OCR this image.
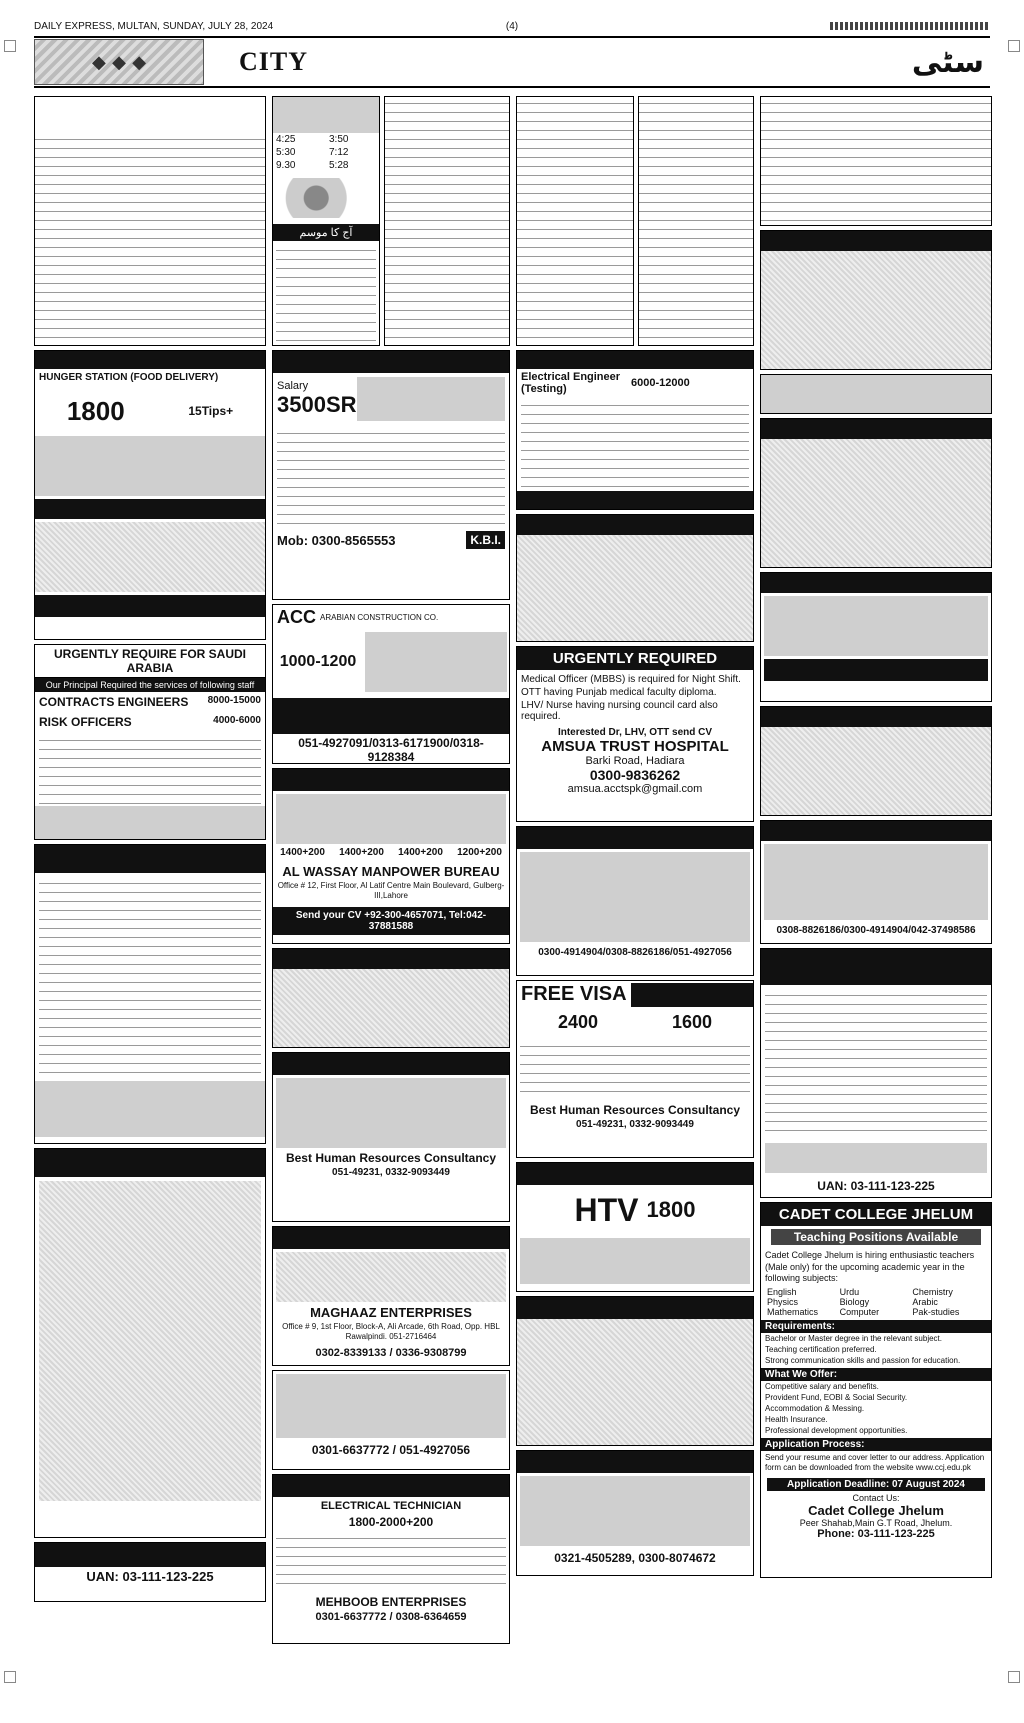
DAILY EXPRESS, MULTAN, SUNDAY, JULY 28, 2024	(4)
◆ ◆ ◆	CITY	سٹی
HUNGER STATION (FOOD DELIVERY)
1800	15Tips+
URGENTLY REQUIRE FOR SAUDI ARABIA
Our Principal Required the services of following staff
CONTRACTS ENGINEERS 8000-15000
RISK OFFICERS	4000-6000
UAN: 03-111-123-225
4:25	3:50
5:30	7:12
9.30	5:28
آج کا موسم
Salary
3500SR
Mob: 0300-8565553	K.B.I.
ACC ARABIAN CONSTRUCTION CO.
1000-1200
051-4927091/0313-6171900/0318-9128384
1400+200 1400+200 1400+200 1200+200
AL WASSAY MANPOWER BUREAU
Office # 12, First Floor, Al Latif Centre Main Boulevard, Gulberg-III,Lahore
Send your CV +92-300-4657071, Tel:042-37881588
Best Human Resources Consultancy
051-49231, 0332-9093449
MAGHAAZ ENTERPRISES
Office # 9, 1st Floor, Block-A, Ali Arcade, 6th Road, Opp. HBL Rawalpindi. 051-2716464
0302-8339133 / 0336-9308799
0301-6637772 / 051-4927056
ELECTRICAL TECHNICIAN
1800-2000+200
MEHBOOB ENTERPRISES
0301-6637772 / 0308-6364659
Electrical Engineer (Testing)	6000-12000
URGENTLY REQUIRED
Medical Officer (MBBS) is required for Night Shift.
OTT having Punjab medical faculty diploma.
LHV/ Nurse having nursing council card also required.
Interested Dr, LHV, OTT send CV
AMSUA TRUST HOSPITAL
Barki Road, Hadiara
0300-9836262
amsua.acctspk@gmail.com
0300-4914904/0308-8826186/051-4927056
FREE VISA
2400	1600
Best Human Resources Consultancy
051-49231, 0332-9093449
HTV 1800
0321-4505289, 0300-8074672
0308-8826186/0300-4914904/042-37498586
UAN: 03-111-123-225
CADET COLLEGE JHELUM
Teaching Positions Available
Cadet College Jhelum is hiring enthusiastic teachers (Male only) for the upcoming academic year in the following subjects:
English	Urdu	Chemistry
Physics	Biology	Arabic
Mathematics	Computer	Pak-studies
Requirements:
Bachelor or Master degree in the relevant subject.
Teaching certification preferred.
Strong communication skills and passion for education.
What We Offer:
Competitive salary and benefits.
Provident Fund, EOBI & Social Security.
Accommodation & Messing.
Health Insurance.
Professional development opportunities.
Application Process:
Send your resume and cover letter to our address. Application form can be downloaded from the website www.ccj.edu.pk
Application Deadline: 07 August 2024
Contact Us:
Cadet College Jhelum
Peer Shahab,Main G.T Road, Jhelum.
Phone: 03-111-123-225
